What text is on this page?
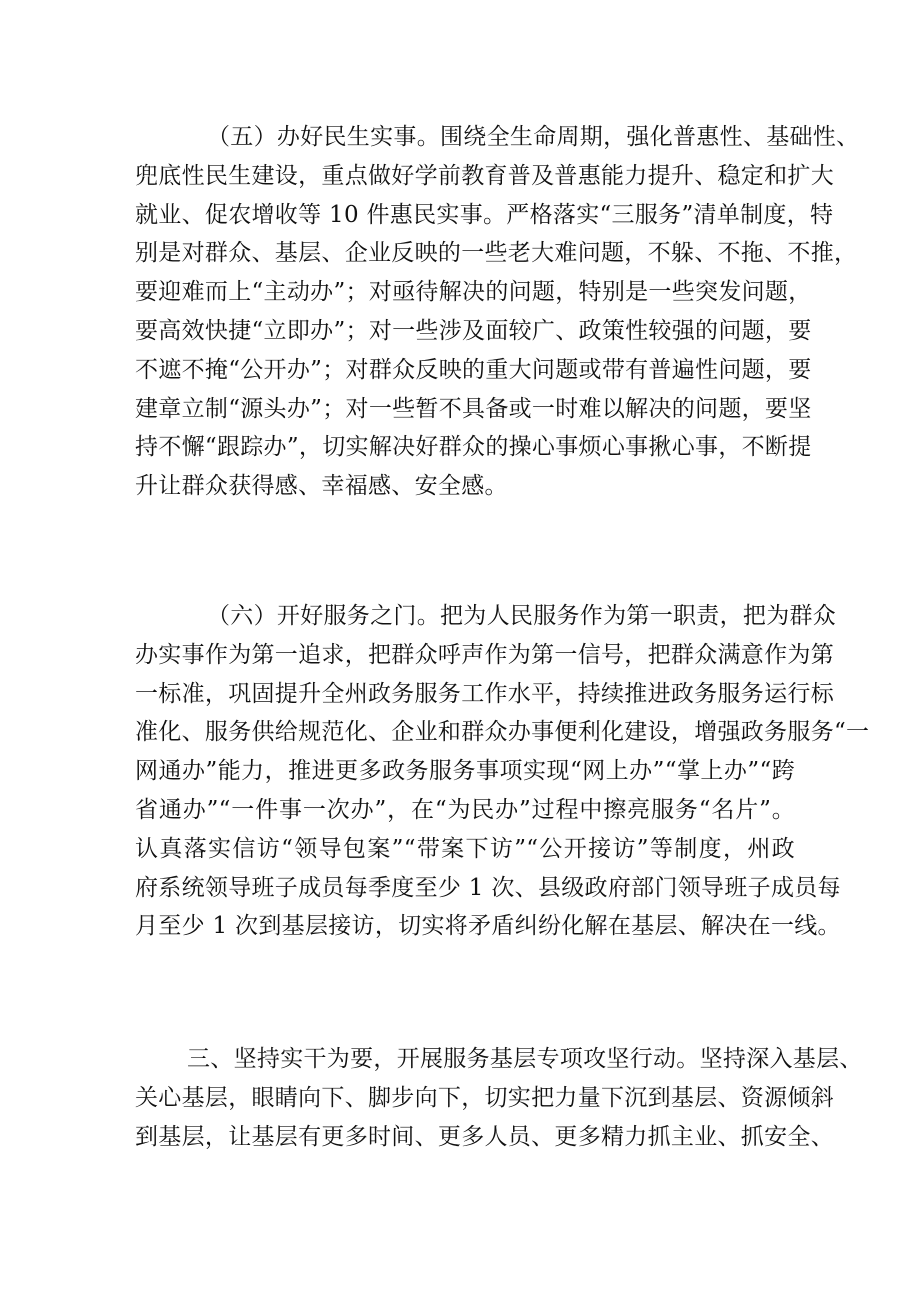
（五）办好民生实事。围绕全生命周期，强化普惠性、基础性、
兜底性民生建设，重点做好学前教育普及普惠能力提升、稳定和扩大
就业、促农增收等 10 件惠民实事。严格落实“三服务”清单制度，特
别是对群众、基层、企业反映的一些老大难问题，不躲、不拖、不推，
要迎难而上“主动办”；对亟待解决的问题，特别是一些突发问题，
要高效快捷“立即办”；对一些涉及面较广、政策性较强的问题，要
不遮不掩“公开办”；对群众反映的重大问题或带有普遍性问题，要
建章立制“源头办”；对一些暂不具备或一时难以解决的问题，要坚
持不懈“跟踪办”，切实解决好群众的操心事烦心事揪心事，不断提
升让群众获得感、幸福感、安全感。
（六）开好服务之门。把为人民服务作为第一职责，把为群众
办实事作为第一追求，把群众呼声作为第一信号，把群众满意作为第
一标准，巩固提升全州政务服务工作水平，持续推进政务服务运行标
准化、服务供给规范化、企业和群众办事便利化建设，增强政务服务“一
网通办”能力，推进更多政务服务事项实现“网上办”“掌上办”“跨
省通办”“一件事一次办”，在“为民办”过程中擦亮服务“名片”。
认真落实信访“领导包案”“带案下访”“公开接访”等制度，州政
府系统领导班子成员每季度至少 1 次、县级政府部门领导班子成员每
月至少 1 次到基层接访，切实将矛盾纠纷化解在基层、解决在一线。
三、坚持实干为要，开展服务基层专项攻坚行动。坚持深入基层、
关心基层，眼睛向下、脚步向下，切实把力量下沉到基层、资源倾斜
到基层，让基层有更多时间、更多人员、更多精力抓主业、抓安全、
